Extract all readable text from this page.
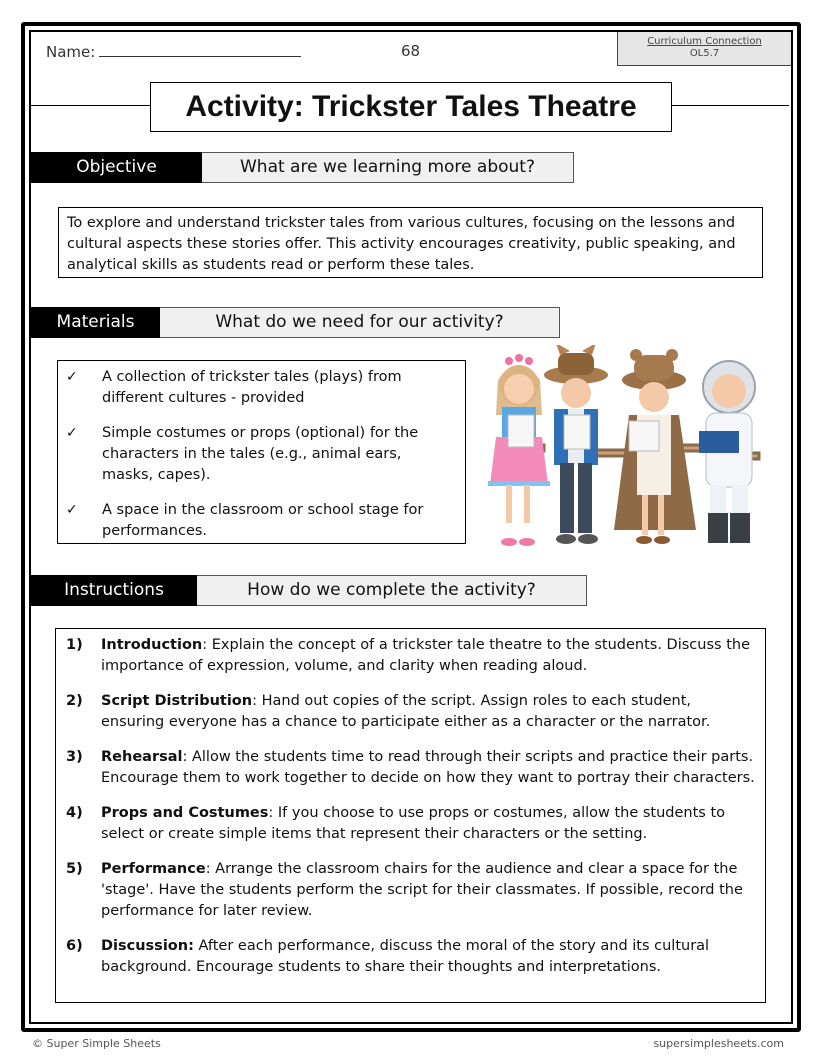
Name:	68
Curriculum Connection
OL5.7
Activity: Trickster Tales Theatre
Objective	What are we learning more about?
To explore and understand trickster tales from various cultures, focusing on the lessons and cultural aspects these stories offer. This activity encourages creativity, public speaking, and analytical skills as students read or perform these tales.
Materials	What do we need for our activity?
✓	A collection of trickster tales (plays) from different cultures - provided
✓	Simple costumes or props (optional) for the characters in the tales (e.g., animal ears, masks, capes).
✓	A space in the classroom or school stage for performances.
Instructions	How do we complete the activity?
1)	Introduction: Explain the concept of a trickster tale theatre to the students. Discuss the importance of expression, volume, and clarity when reading aloud.
2)	Script Distribution: Hand out copies of the script. Assign roles to each student, ensuring everyone has a chance to participate either as a character or the narrator.
3)	Rehearsal: Allow the students time to read through their scripts and practice their parts. Encourage them to work together to decide on how they want to portray their characters.
4)	Props and Costumes: If you choose to use props or costumes, allow the students to select or create simple items that represent their characters or the setting.
5)	Performance: Arrange the classroom chairs for the audience and clear a space for the 'stage'. Have the students perform the script for their classmates. If possible, record the performance for later review.
6)	Discussion: After each performance, discuss the moral of the story and its cultural background. Encourage students to share their thoughts and interpretations.
© Super Simple Sheets	supersimplesheets.com
